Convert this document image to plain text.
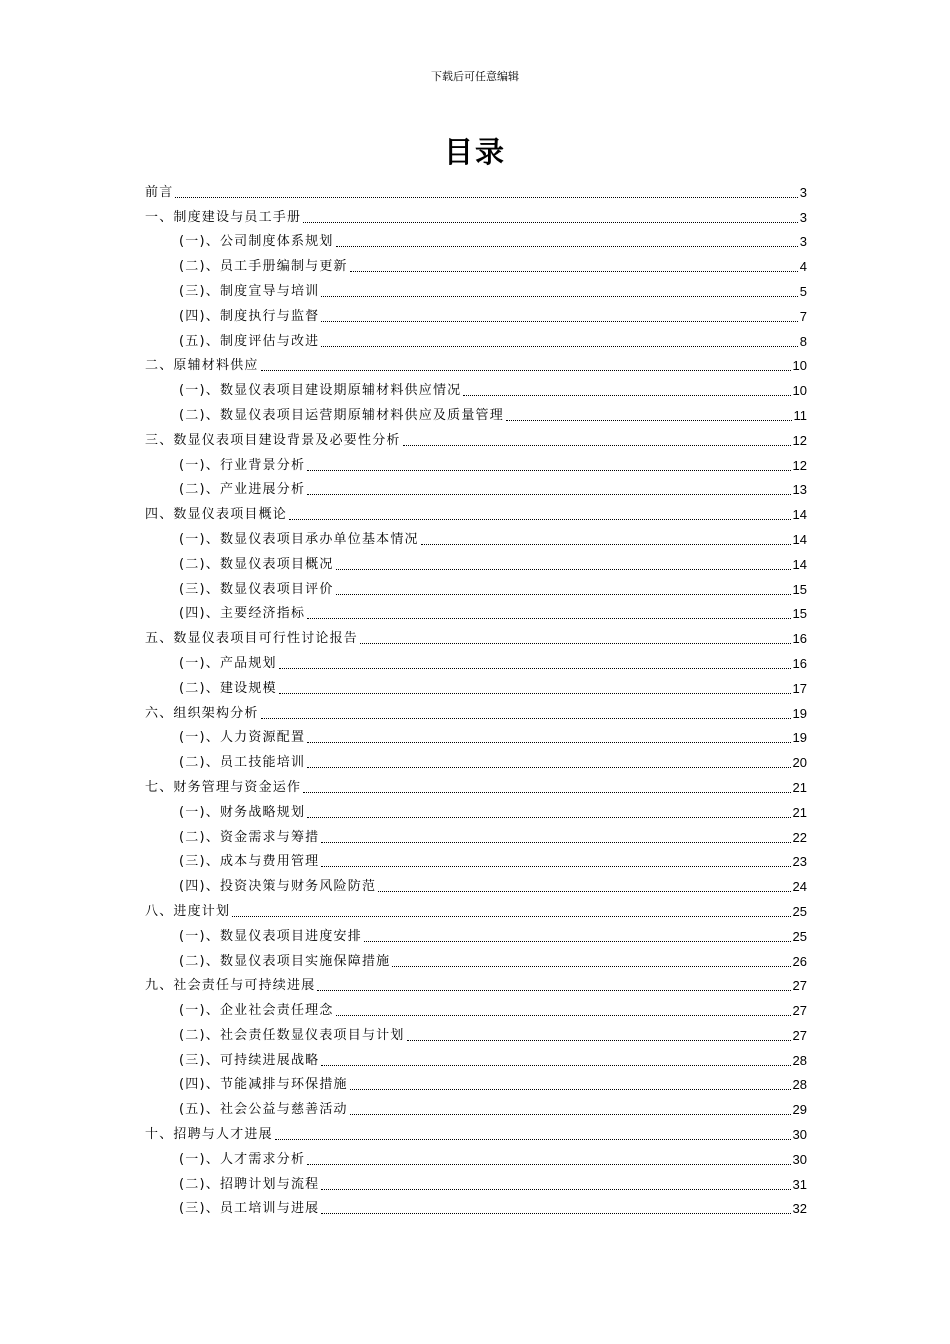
下载后可任意编辑
目录
前言	3
一、制度建设与员工手册	3
(一)、公司制度体系规划	3
(二)、员工手册编制与更新	4
(三)、制度宣导与培训	5
(四)、制度执行与监督	7
(五)、制度评估与改进	8
二、原辅材料供应	10
(一)、数显仪表项目建设期原辅材料供应情况	10
(二)、数显仪表项目运营期原辅材料供应及质量管理	11
三、数显仪表项目建设背景及必要性分析	12
(一)、行业背景分析	12
(二)、产业进展分析	13
四、数显仪表项目概论	14
(一)、数显仪表项目承办单位基本情况	14
(二)、数显仪表项目概况	14
(三)、数显仪表项目评价	15
(四)、主要经济指标	15
五、数显仪表项目可行性讨论报告	16
(一)、产品规划	16
(二)、建设规模	17
六、组织架构分析	19
(一)、人力资源配置	19
(二)、员工技能培训	20
七、财务管理与资金运作	21
(一)、财务战略规划	21
(二)、资金需求与筹措	22
(三)、成本与费用管理	23
(四)、投资决策与财务风险防范	24
八、进度计划	25
(一)、数显仪表项目进度安排	25
(二)、数显仪表项目实施保障措施	26
九、社会责任与可持续进展	27
(一)、企业社会责任理念	27
(二)、社会责任数显仪表项目与计划	27
(三)、可持续进展战略	28
(四)、节能减排与环保措施	28
(五)、社会公益与慈善活动	29
十、招聘与人才进展	30
(一)、人才需求分析	30
(二)、招聘计划与流程	31
(三)、员工培训与进展	32
